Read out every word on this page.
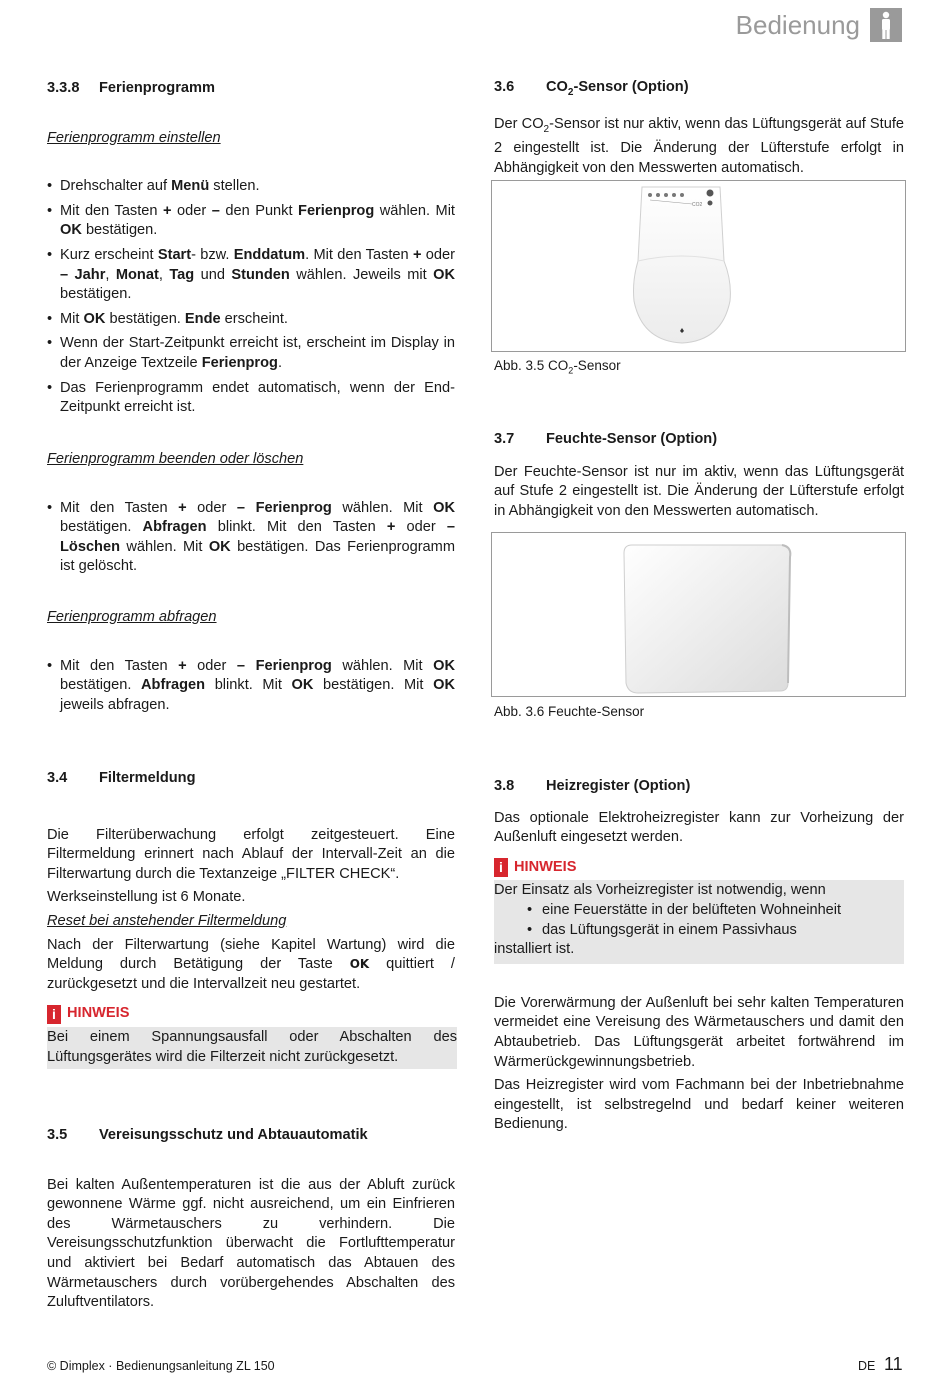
Bedienung
3.3.8 Ferienprogramm

Ferienprogramm einstellen

• Drehschalter auf Menü stellen.
• Mit den Tasten + oder – den Punkt Ferienprog wählen. Mit OK bestätigen.
• Kurz erscheint Start- bzw. Enddatum. Mit den Tasten + oder – Jahr, Monat, Tag und Stunden wählen. Jeweils mit OK bestätigen.
• Mit OK bestätigen. Ende erscheint.
• Wenn der Start-Zeitpunkt erreicht ist, erscheint im Display in der Anzeige Textzeile Ferienprog.
• Das Ferienprogramm endet automatisch, wenn der End-Zeitpunkt erreicht ist.

Ferienprogramm beenden oder löschen

• Mit den Tasten + oder – Ferienprog wählen. Mit OK bestätigen. Abfragen blinkt. Mit den Tasten + oder – Löschen wählen. Mit OK bestätigen. Das Ferienprogramm ist gelöscht.

Ferienprogramm abfragen

• Mit den Tasten + oder – Ferienprog wählen. Mit OK bestätigen. Abfragen blinkt. Mit OK bestätigen. Mit OK jeweils abfragen.
3.4 Filtermeldung

Die Filterüberwachung erfolgt zeitgesteuert. Eine Filtermeldung erinnert nach Ablauf der Intervall-Zeit an die Filterwartung durch die Textanzeige „FILTER CHECK“.

Werkseinstellung ist 6 Monate.

Reset bei anstehender Filtermeldung

Nach der Filterwartung (siehe Kapitel Wartung) wird die Meldung durch Betätigung der Taste OK quittiert / zurückgesetzt und die Intervallzeit neu gestartet.

i HINWEIS

Bei einem Spannungsausfall oder Abschalten des Lüftungsgerätes wird die Filterzeit nicht zurückgesetzt.

3.5 Vereisungsschutz und Abtauautomatik

Bei kalten Außentemperaturen ist die aus der Abluft zurück gewonnene Wärme ggf. nicht ausreichend, um ein Einfrieren des Wärmetauschers zu verhindern. Die Vereisungsschutzfunktion überwacht die Fortlufttemperatur und aktiviert bei Bedarf automatisch das Abtauen des Wärmetauschers durch vorübergehendes Abschalten des Zuluftventilators.

3.6 $CO_2$-Sensor (Option)

Der $CO_2$-Sensor ist nur aktiv, wenn das Lüftungsgerät auf Stufe 2 eingestellt ist. Die Änderung der Lüfterstufe erfolgt in Abhängigkeit von den Messwerten automatisch.

CO2
Abb. 3.5 $CO_2$-Sensor
3.7 Feuchte-Sensor (Option)

Der Feuchte-Sensor ist nur im aktiv, wenn das Lüftungsgerät auf Stufe 2 eingestellt ist. Die Änderung der Lüfterstufe erfolgt in Abhängigkeit von den Messwerten automatisch.

Abb. 3.6 Feuchte-Sensor
3.8 Heizregister (Option)

Das optionale Elektroheizregister kann zur Vorheizung der Außenluft eingesetzt werden.

i HINWEIS

Der Einsatz als Vorheizregister ist notwendig, wenn

• eine Feuerstätte in der belüfteten Wohneinheit
• das Lüftungsgerät in einem Passivhaus

installiert ist.

Die Vorerwärmung der Außenluft bei sehr kalten Temperaturen vermeidet eine Vereisung des Wärmetauschers und damit den Abtaubetrieb. Das Lüftungsgerät arbeitet fortwährend im Wärmerückgewinnungsbetrieb.

Das Heizregister wird vom Fachmann bei der Inbetriebnahme eingestellt, ist selbstregelnd und bedarf keiner weiteren Bedienung.

© Dimplex · Bedienungsanleitung ZL 150	DE 11
